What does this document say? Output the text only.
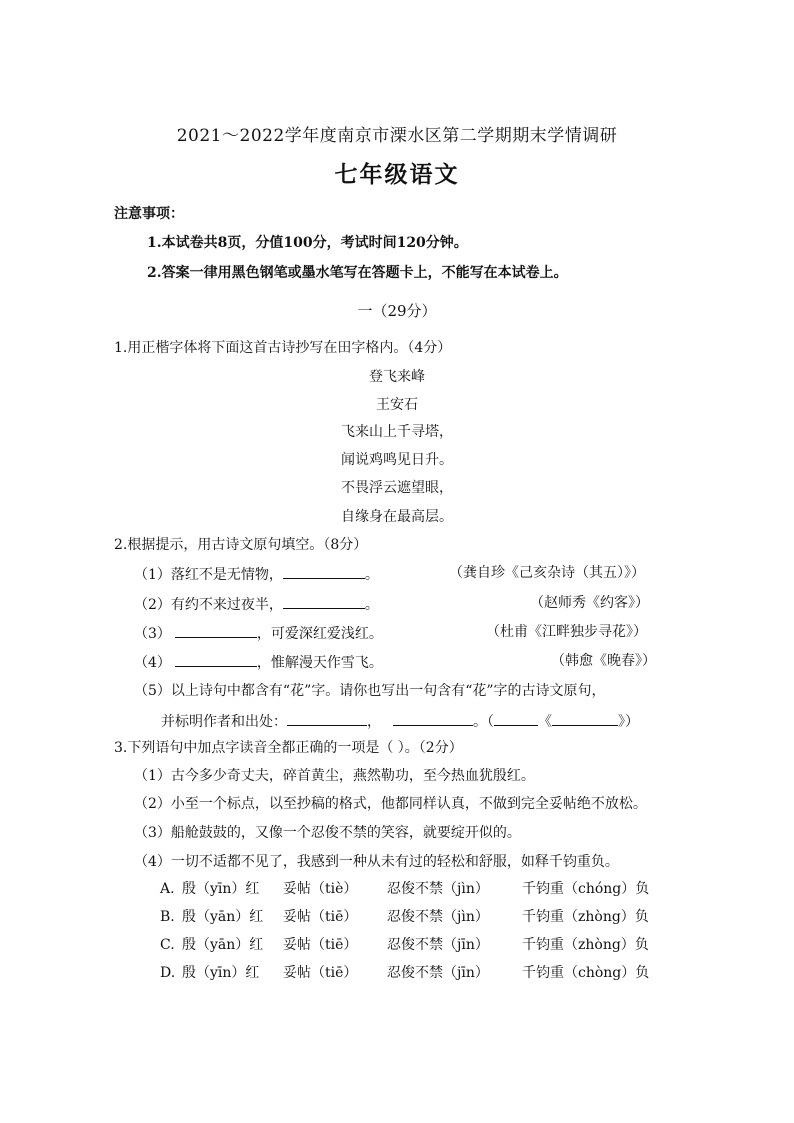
2021～2022学年度南京市溧水区第二学期期末学情调研
七年级语文
注意事项：
1.本试卷共8页，分值100分，考试时间120分钟。
2.答案一律用黑色钢笔或墨水笔写在答题卡上，不能写在本试卷上。
一（29分）
1.用正楷字体将下面这首古诗抄写在田字格内。（4分）
登飞来峰
王安石
飞来山上千寻塔，
闻说鸡鸣见日升。
不畏浮云遮望眼，
自缘身在最高层。
2.根据提示，用古诗文原句填空。（8分）
（1）落红不是无情物，	。	（龚自珍《己亥杂诗（其五）》）
（2）有约不来过夜半，	。	（赵师秀《约客》）
（3）	，可爱深红爱浅红。	（杜甫《江畔独步寻花》）
（4）	，惟解漫天作雪飞。	（韩愈《晚春》）
（5）以上诗句中都含有“花”字。请你也写出一句含有“花”字的古诗文原句，
并标明作者和出处：	，	。（	《	》）
3.下列语句中加点字读音全都正确的一项是（ ）。（2分）
（1）古今多少奇丈夫，碎首黄尘，燕然勒功，至今热血犹殷红。
（2）小至一个标点，以至抄稿的格式，他都同样认真，不做到完全妥帖绝不放松。
（3）船舱鼓鼓的，又像一个忍俊不禁的笑容，就要绽开似的。
（4）一切不适都不见了，我感到一种从未有过的轻松和舒服，如释千钧重负。
A. 殷（yīn）红 妥帖（tiè） 忍俊不禁（jìn） 千钧重（chóng）负
B. 殷（yān）红 妥帖（tiē） 忍俊不禁（jìn） 千钧重（zhòng）负
C. 殷（yān）红 妥帖（tiē） 忍俊不禁（jīn） 千钧重（zhòng）负
D. 殷（yīn）红 妥帖（tiē） 忍俊不禁（jīn） 千钧重（chòng）负
